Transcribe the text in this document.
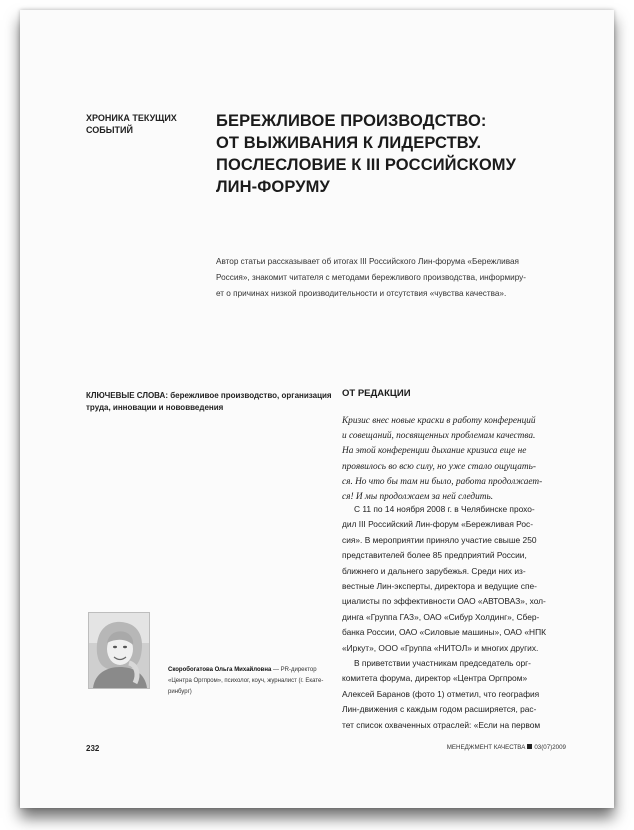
ХРОНИКА ТЕКУЩИХ
СОБЫТИЙ	БЕРЕЖЛИВОЕ ПРОИЗВОДСТВО:
ОТ ВЫЖИВАНИЯ К ЛИДЕРСТВУ.
ПОСЛЕСЛОВИЕ К III РОССИЙСКОМУ
ЛИН-ФОРУМУ
Автор статьи рассказывает об итогах III Российского Лин-форума «Бережливая
Россия», знакомит читателя с методами бережливого производства, информиру-
ет о причинах низкой производительности и отсутствия «чувства качества».
КЛЮЧЕВЫЕ СЛОВА: бережливое производство, организация
труда, инновации и нововведения
ОТ РЕДАКЦИИ
Кризис внес новые краски в работу конференций
и совещаний, посвященных проблемам качества.
На этой конференции дыхание кризиса еще не
проявилось во всю силу, но уже стало ощущать-
ся. Но что бы там ни было, работа продолжает-
ся! И мы продолжаем за ней следить.
С 11 по 14 ноября 2008 г. в Челябинске прохо-
дил III Российский Лин-форум «Бережливая Рос-
сия». В мероприятии приняло участие свыше 250
представителей более 85 предприятий России,
ближнего и дальнего зарубежья. Среди них из-
вестные Лин-эксперты, директора и ведущие спе-
циалисты по эффективности ОАО «АВТОВАЗ», хол-
динга «Группа ГАЗ», ОАО «Сибур Холдинг», Сбер-
банка России, ОАО «Силовые машины», ОАО «НПК
«Иркут», ООО «Группа «НИТОЛ» и многих других.
В приветствии участникам председатель орг-
комитета форума, директор «Центра Оргпром»
Алексей Баранов (фото 1) отметил, что география
Лин-движения с каждым годом расширяется, рас-
тет список охваченных отраслей: «Если на первом
Скоробогатова Ольга Михайловна — PR-директор
«Центра Оргпром», психолог, коуч, журналист (г. Екате-
ринбург)
232	МЕНЕДЖМЕНТ КАЧЕСТВА 03(07)2009
